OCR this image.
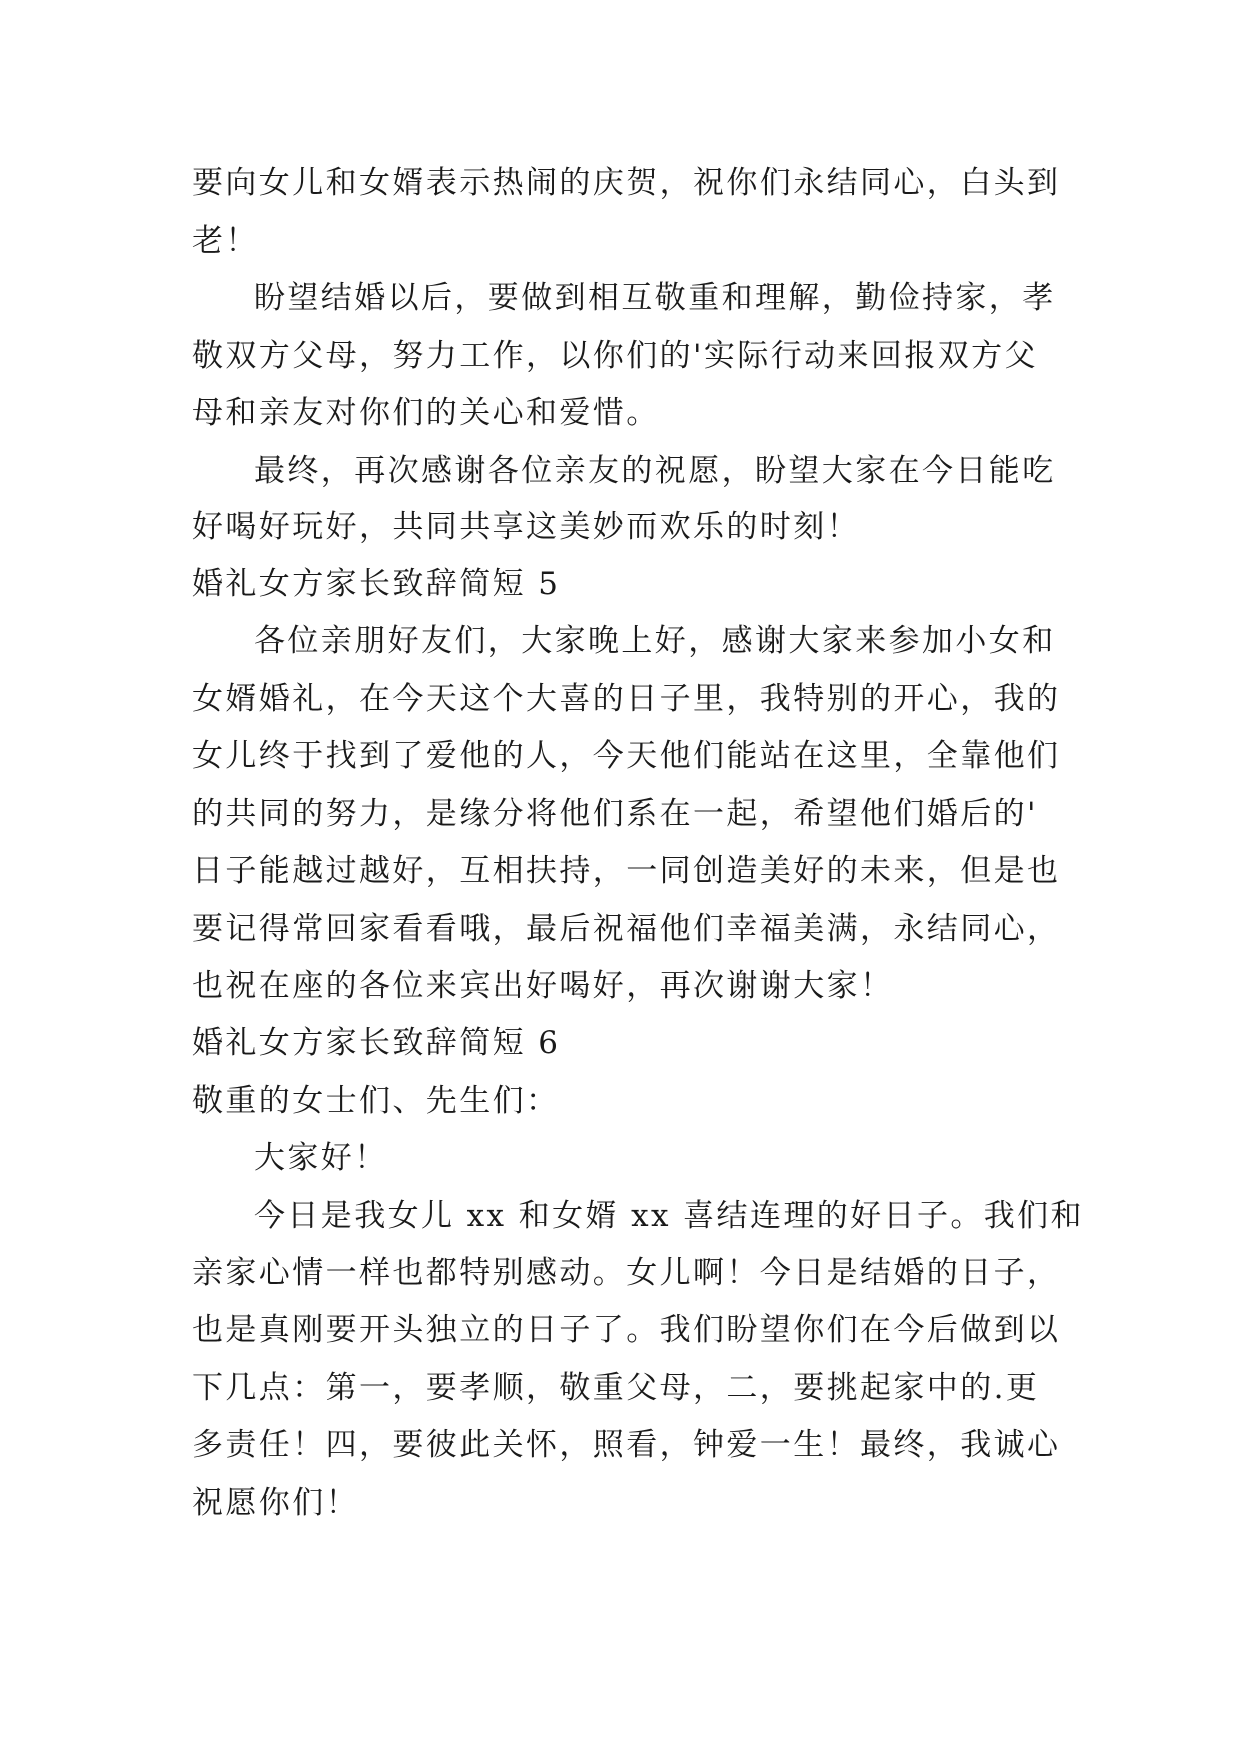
要向女儿和女婿表示热闹的庆贺，祝你们永结同心，白头到
老！
盼望结婚以后，要做到相互敬重和理解，勤俭持家，孝
敬双方父母，努力工作，以你们的'实际行动来回报双方父
母和亲友对你们的关心和爱惜。
最终，再次感谢各位亲友的祝愿，盼望大家在今日能吃
好喝好玩好，共同共享这美妙而欢乐的时刻！
婚礼女方家长致辞简短 5
各位亲朋好友们，大家晚上好，感谢大家来参加小女和
女婿婚礼，在今天这个大喜的日子里，我特别的开心，我的
女儿终于找到了爱他的人，今天他们能站在这里，全靠他们
的共同的努力，是缘分将他们系在一起，希望他们婚后的'
日子能越过越好，互相扶持，一同创造美好的未来，但是也
要记得常回家看看哦，最后祝福他们幸福美满，永结同心，
也祝在座的各位来宾出好喝好，再次谢谢大家！
婚礼女方家长致辞简短 6
敬重的女士们、先生们：
大家好！
今日是我女儿 xx 和女婿 xx 喜结连理的好日子。我们和
亲家心情一样也都特别感动。女儿啊！今日是结婚的日子，
也是真刚要开头独立的日子了。我们盼望你们在今后做到以
下几点：第一，要孝顺，敬重父母，二，要挑起家中的.更
多责任！四，要彼此关怀，照看，钟爱一生！最终，我诚心
祝愿你们！
